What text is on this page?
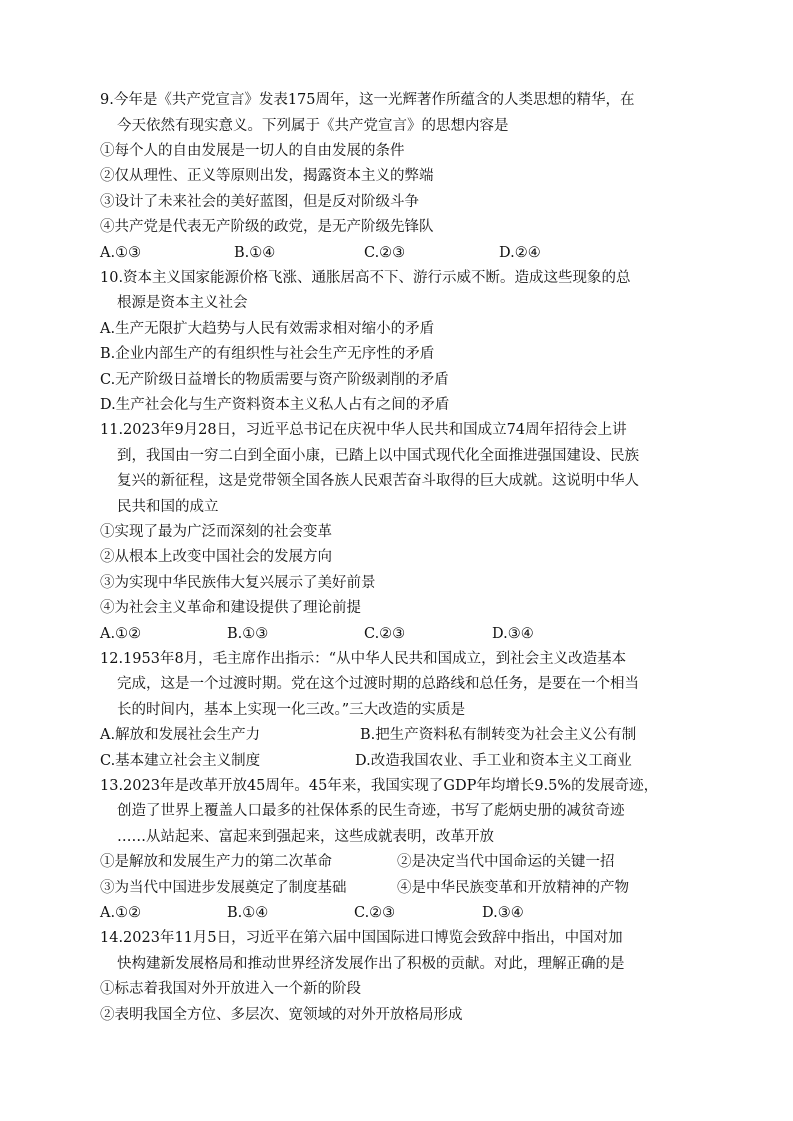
9.今年是《共产党宣言》发表175周年，这一光辉著作所蕴含的人类思想的精华，在
今天依然有现实意义。下列属于《共产党宣言》的思想内容是
①每个人的自由发展是一切人的自由发展的条件
②仅从理性、正义等原则出发，揭露资本主义的弊端
③设计了未来社会的美好蓝图，但是反对阶级斗争
④共产党是代表无产阶级的政党，是无产阶级先锋队
A.①③	B.①④	C.②③	D.②④
10.资本主义国家能源价格飞涨、通胀居高不下、游行示威不断。造成这些现象的总
根源是资本主义社会
A.生产无限扩大趋势与人民有效需求相对缩小的矛盾
B.企业内部生产的有组织性与社会生产无序性的矛盾
C.无产阶级日益增长的物质需要与资产阶级剥削的矛盾
D.生产社会化与生产资料资本主义私人占有之间的矛盾
11.2023年9月28日，习近平总书记在庆祝中华人民共和国成立74周年招待会上讲
到，我国由一穷二白到全面小康，已踏上以中国式现代化全面推进强国建设、民族
复兴的新征程，这是党带领全国各族人民艰苦奋斗取得的巨大成就。这说明中华人
民共和国的成立
①实现了最为广泛而深刻的社会变革
②从根本上改变中国社会的发展方向
③为实现中华民族伟大复兴展示了美好前景
④为社会主义革命和建设提供了理论前提
A.①②	B.①③	C.②③	D.③④
12.1953年8月，毛主席作出指示：“从中华人民共和国成立，到社会主义改造基本
完成，这是一个过渡时期。党在这个过渡时期的总路线和总任务，是要在一个相当
长的时间内，基本上实现一化三改。”三大改造的实质是
A.解放和发展社会生产力	B.把生产资料私有制转变为社会主义公有制
C.基本建立社会主义制度	D.改造我国农业、手工业和资本主义工商业
13.2023年是改革开放45周年。45年来，我国实现了GDP年均增长9.5%的发展奇迹，
创造了世界上覆盖人口最多的社保体系的民生奇迹，书写了彪炳史册的减贫奇迹
……从站起来、富起来到强起来，这些成就表明，改革开放
①是解放和发展生产力的第二次革命	②是决定当代中国命运的关键一招
③为当代中国进步发展奠定了制度基础	④是中华民族变革和开放精神的产物
A.①②	B.①④	C.②③	D.③④
14.2023年11月5日，习近平在第六届中国国际进口博览会致辞中指出，中国对加
快构建新发展格局和推动世界经济发展作出了积极的贡献。对此，理解正确的是
①标志着我国对外开放进入一个新的阶段
②表明我国全方位、多层次、宽领域的对外开放格局形成
